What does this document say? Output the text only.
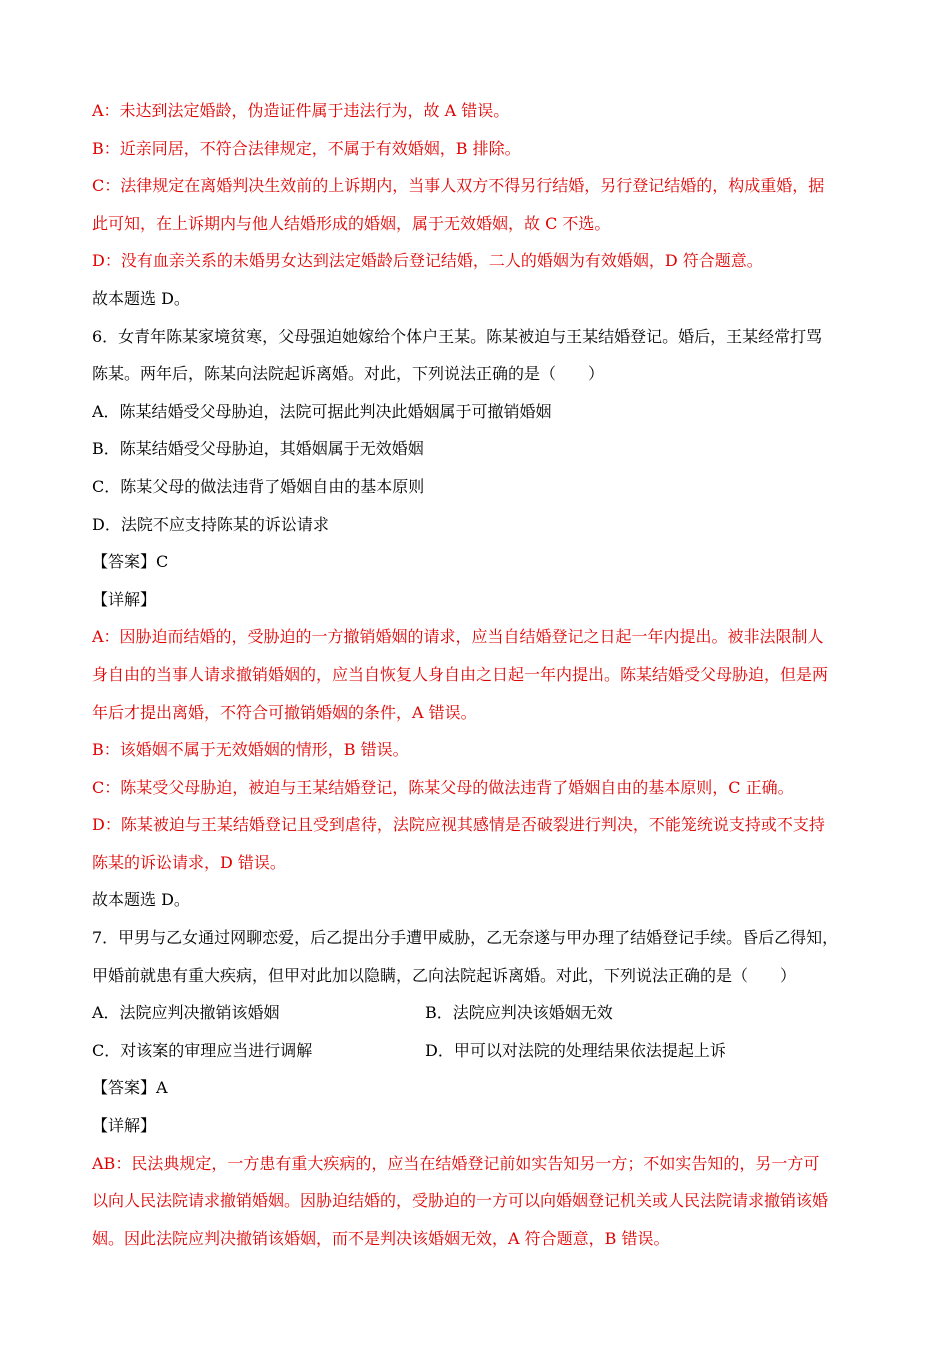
A：未达到法定婚龄，伪造证件属于违法行为，故 A 错误。
B：近亲同居，不符合法律规定，不属于有效婚姻，B 排除。
C：法律规定在离婚判决生效前的上诉期内，当事人双方不得另行结婚，另行登记结婚的，构成重婚，据
此可知，在上诉期内与他人结婚形成的婚姻，属于无效婚姻，故 C 不选。
D：没有血亲关系的未婚男女达到法定婚龄后登记结婚，二人的婚姻为有效婚姻，D 符合题意。
故本题选 D。
6．女青年陈某家境贫寒，父母强迫她嫁给个体户王某。陈某被迫与王某结婚登记。婚后，王某经常打骂
陈某。两年后，陈某向法院起诉离婚。对此，下列说法正确的是（　　）
A．陈某结婚受父母胁迫，法院可据此判决此婚姻属于可撤销婚姻
B．陈某结婚受父母胁迫，其婚姻属于无效婚姻
C．陈某父母的做法违背了婚姻自由的基本原则
D．法院不应支持陈某的诉讼请求
【答案】C
【详解】
A：因胁迫而结婚的，受胁迫的一方撤销婚姻的请求，应当自结婚登记之日起一年内提出。被非法限制人
身自由的当事人请求撤销婚姻的，应当自恢复人身自由之日起一年内提出。陈某结婚受父母胁迫，但是两
年后才提出离婚，不符合可撤销婚姻的条件，A 错误。
B：该婚姻不属于无效婚姻的情形，B 错误。
C：陈某受父母胁迫，被迫与王某结婚登记，陈某父母的做法违背了婚姻自由的基本原则，C 正确。
D：陈某被迫与王某结婚登记且受到虐待，法院应视其感情是否破裂进行判决，不能笼统说支持或不支持
陈某的诉讼请求，D 错误。
故本题选 D。
7．甲男与乙女通过网聊恋爱，后乙提出分手遭甲威胁，乙无奈遂与甲办理了结婚登记手续。昏后乙得知，
甲婚前就患有重大疾病，但甲对此加以隐瞒，乙向法院起诉离婚。对此，下列说法正确的是（　　）
A．法院应判决撤销该婚姻	B．法院应判决该婚姻无效
C．对该案的审理应当进行调解	D．甲可以对法院的处理结果依法提起上诉
【答案】A
【详解】
AB：民法典规定，一方患有重大疾病的，应当在结婚登记前如实告知另一方；不如实告知的，另一方可
以向人民法院请求撤销婚姻。因胁迫结婚的，受胁迫的一方可以向婚姻登记机关或人民法院请求撤销该婚
姻。因此法院应判决撤销该婚姻，而不是判决该婚姻无效，A 符合题意，B 错误。
